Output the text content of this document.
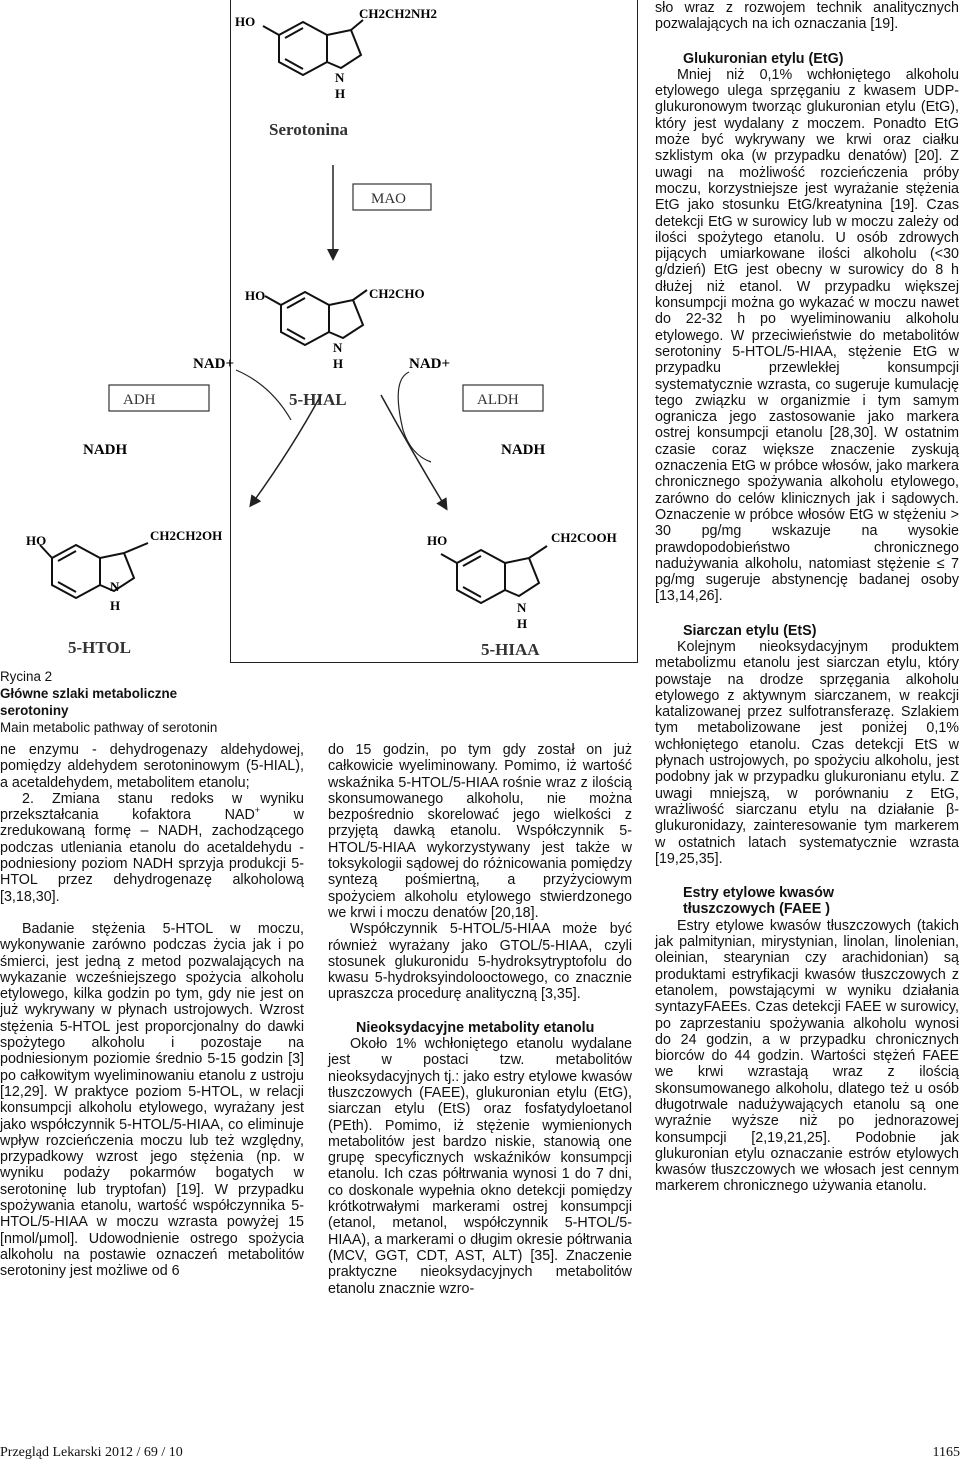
HO
CH2CH2NH2
N
H
Serotonina
MAO
HO	CH2CHO
N
H
5-HIAL
NAD+
ADH
NADH
NAD+
ALDH
NADH
HO	CH2COOH
N
H
5-HIAA
HO	CH2CH2OH
N
H
5-HTOL
Rycina 2
Główne szlaki metaboliczne serotoniny
Main metabolic pathway of serotonin

ne enzymu - dehydrogenazy aldehydowej, pomiędzy aldehydem serotoninowym (5-HIAL), a acetaldehydem, metabolitem etanolu;

2. Zmiana stanu redoks w wyniku przekształcania kofaktora NAD+ w zredukowaną formę – NADH, zachodzącego podczas utleniania etanolu do acetaldehydu - podniesiony poziom NADH sprzyja produkcji 5-HTOL przez dehydrogenazę alkoholową [3,18,30].

Badanie stężenia 5-HTOL w moczu, wykonywanie zarówno podczas życia jak i po śmierci, jest jedną z metod pozwalających na wykazanie wcześniejszego spożycia alkoholu etylowego, kilka godzin po tym, gdy nie jest on już wykrywany w płynach ustrojowych. Wzrost stężenia 5-HTOL jest proporcjonalny do dawki spożytego alkoholu i pozostaje na podniesionym poziomie średnio 5-15 godzin [3] po całkowitym wyeliminowaniu etanolu z ustroju [12,29]. W praktyce poziom 5-HTOL, w relacji konsumpcji alkoholu etylowego, wyrażany jest jako współczynnik 5-HTOL/5-HIAA, co eliminuje wpływ rozcieńczenia moczu lub też względny, przypadkowy wzrost jego stężenia (np. w wyniku podaży pokarmów bogatych w serotoninę lub tryptofan) [19]. W przypadku spożywania etanolu, wartość współczynnika 5-HTOL/5-HIAA w moczu wzrasta powyżej 15 [nmol/μmol]. Udowodnienie ostrego spożycia alkoholu na postawie oznaczeń metabolitów serotoniny jest możliwe od 6

do 15 godzin, po tym gdy został on już całkowicie wyeliminowany. Pomimo, iż wartość wskaźnika 5-HTOL/5-HIAA rośnie wraz z ilością skonsumowanego alkoholu, nie można bezpośrednio skorelować jego wielkości z przyjętą dawką etanolu. Współczynnik 5-HTOL/5-HIAA wykorzystywany jest także w toksykologii sądowej do różnicowania pomiędzy syntezą pośmiertną, a przyżyciowym spożyciem alkoholu etylowego stwierdzonego we krwi i moczu denatów [20,18].

Współczynnik 5-HTOL/5-HIAA może być również wyrażany jako GTOL/5-HIAA, czyli stosunek glukuronidu 5-hydroksytryptofolu do kwasu 5-hydroksyindolooctowego, co znacznie upraszcza procedurę analityczną [3,35].

Nieoksydacyjne metabolity etanolu

Około 1% wchłoniętego etanolu wydalane jest w postaci tzw. metabolitów nieoksydacyjnych tj.: jako estry etylowe kwasów tłuszczowych (FAEE), glukuronian etylu (EtG), siarczan etylu (EtS) oraz fosfatydyloetanol (PEth). Pomimo, iż stężenie wymienionych metabolitów jest bardzo niskie, stanowią one grupę specyficznych wskaźników konsumpcji etanolu. Ich czas półtrwania wynosi 1 do 7 dni, co doskonale wypełnia okno detekcji pomiędzy krótkotrwałymi markerami ostrej konsumpcji (etanol, metanol, współczynnik 5-HTOL/5-HIAA), a markerami o długim okresie półtrwania (MCV, GGT, CDT, AST, ALT) [35]. Znaczenie praktyczne nieoksydacyjnych metabolitów etanolu znacznie wzro-

sło wraz z rozwojem technik analitycznych pozwalających na ich oznaczania [19].

Glukuronian etylu (EtG)

Mniej niż 0,1% wchłoniętego alkoholu etylowego ulega sprzęganiu z kwasem UDP-glukuronowym tworząc glukuronian etylu (EtG), który jest wydalany z moczem. Ponadto EtG może być wykrywany we krwi oraz ciałku szklistym oka (w przypadku denatów) [20]. Z uwagi na możliwość rozcieńczenia próby moczu, korzystniejsze jest wyrażanie stężenia EtG jako stosunku EtG/kreatynina [19]. Czas detekcji EtG w surowicy lub w moczu zależy od ilości spożytego etanolu. U osób zdrowych pijących umiarkowane ilości alkoholu (<30 g/dzień) EtG jest obecny w surowicy do 8 h dłużej niż etanol. W przypadku większej konsumpcji można go wykazać w moczu nawet do 22-32 h po wyeliminowaniu alkoholu etylowego. W przeciwieństwie do metabolitów serotoniny 5-HTOL/5-HIAA, stężenie EtG w przypadku przewlekłej konsumpcji systematycznie wzrasta, co sugeruje kumulację tego związku w organizmie i tym samym ogranicza jego zastosowanie jako markera ostrej konsumpcji etanolu [28,30]. W ostatnim czasie coraz większe znaczenie zyskują oznaczenia EtG w próbce włosów, jako markera chronicznego spożywania alkoholu etylowego, zarówno do celów klinicznych jak i sądowych. Oznaczenie w próbce włosów EtG w stężeniu > 30 pg/mg wskazuje na wysokie prawdopodobieństwo chronicznego nadużywania alkoholu, natomiast stężenie ≤ 7 pg/mg sugeruje abstynencję badanej osoby [13,14,26].

Siarczan etylu (EtS)

Kolejnym nieoksydacyjnym produktem metabolizmu etanolu jest siarczan etylu, który powstaje na drodze sprzęgania alkoholu etylowego z aktywnym siarczanem, w reakcji katalizowanej przez sulfotransferazę. Szlakiem tym metabolizowane jest poniżej 0,1% wchłoniętego etanolu. Czas detekcji EtS w płynach ustrojowych, po spożyciu alkoholu, jest podobny jak w przypadku glukuronianu etylu. Z uwagi mniejszą, w porównaniu z EtG, wrażliwość siarczanu etylu na działanie β-glukuronidazy, zainteresowanie tym markerem w ostatnich latach systematycznie wzrasta [19,25,35].

Estry etylowe kwasów
tłuszczowych (FAEE )

Estry etylowe kwasów tłuszczowych (takich jak palmitynian, mirystynian, linolan, linolenian, oleinian, stearynian czy arachidonian) są produktami estryfikacji kwasów tłuszczowych z etanolem, powstającymi w wyniku działania syntazyFAEEs. Czas detekcji FAEE w surowicy, po zaprzestaniu spożywania alkoholu wynosi do 24 godzin, a w przypadku chronicznych biorców do 44 godzin. Wartości stężeń FAEE we krwi wzrastają wraz z ilością skonsumowanego alkoholu, dlatego też u osób długotrwale nadużywających etanolu są one wyraźnie wyższe niż po jednorazowej konsumpcji [2,19,21,25]. Podobnie jak glukuronian etylu oznaczanie estrów etylowych kwasów tłuszczowych we włosach jest cennym markerem chronicznego używania etanolu.

Przegląd Lekarski 2012 / 69 / 10	1165
